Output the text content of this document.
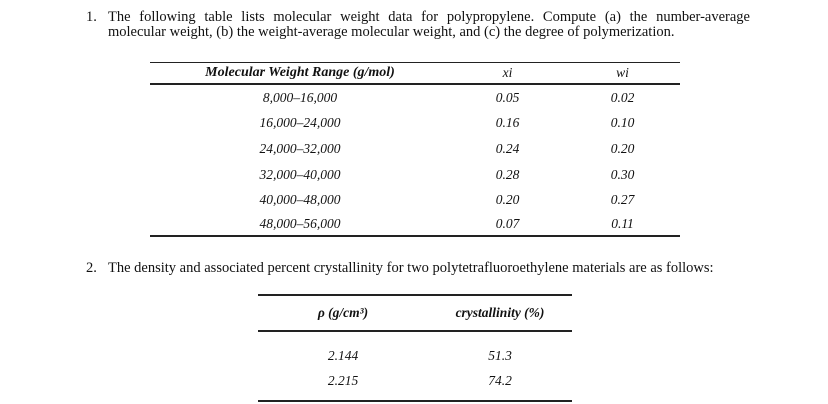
1. The following table lists molecular weight data for polypropylene. Compute (a) the number-average molecular weight, (b) the weight-average molecular weight, and (c) the degree of polymerization.
Molecular Weight Range (g/mol)	xi	wi
8,000–16,000	0.05	0.02
16,000–24,000	0.16	0.10
24,000–32,000	0.24	0.20
32,000–40,000	0.28	0.30
40,000–48,000	0.20	0.27
48,000–56,000	0.07	0.11
2. The density and associated percent crystallinity for two polytetrafluoroethylene materials are as follows:
ρ (g/cm³)	crystallinity (%)
2.144	51.3
2.215	74.2
